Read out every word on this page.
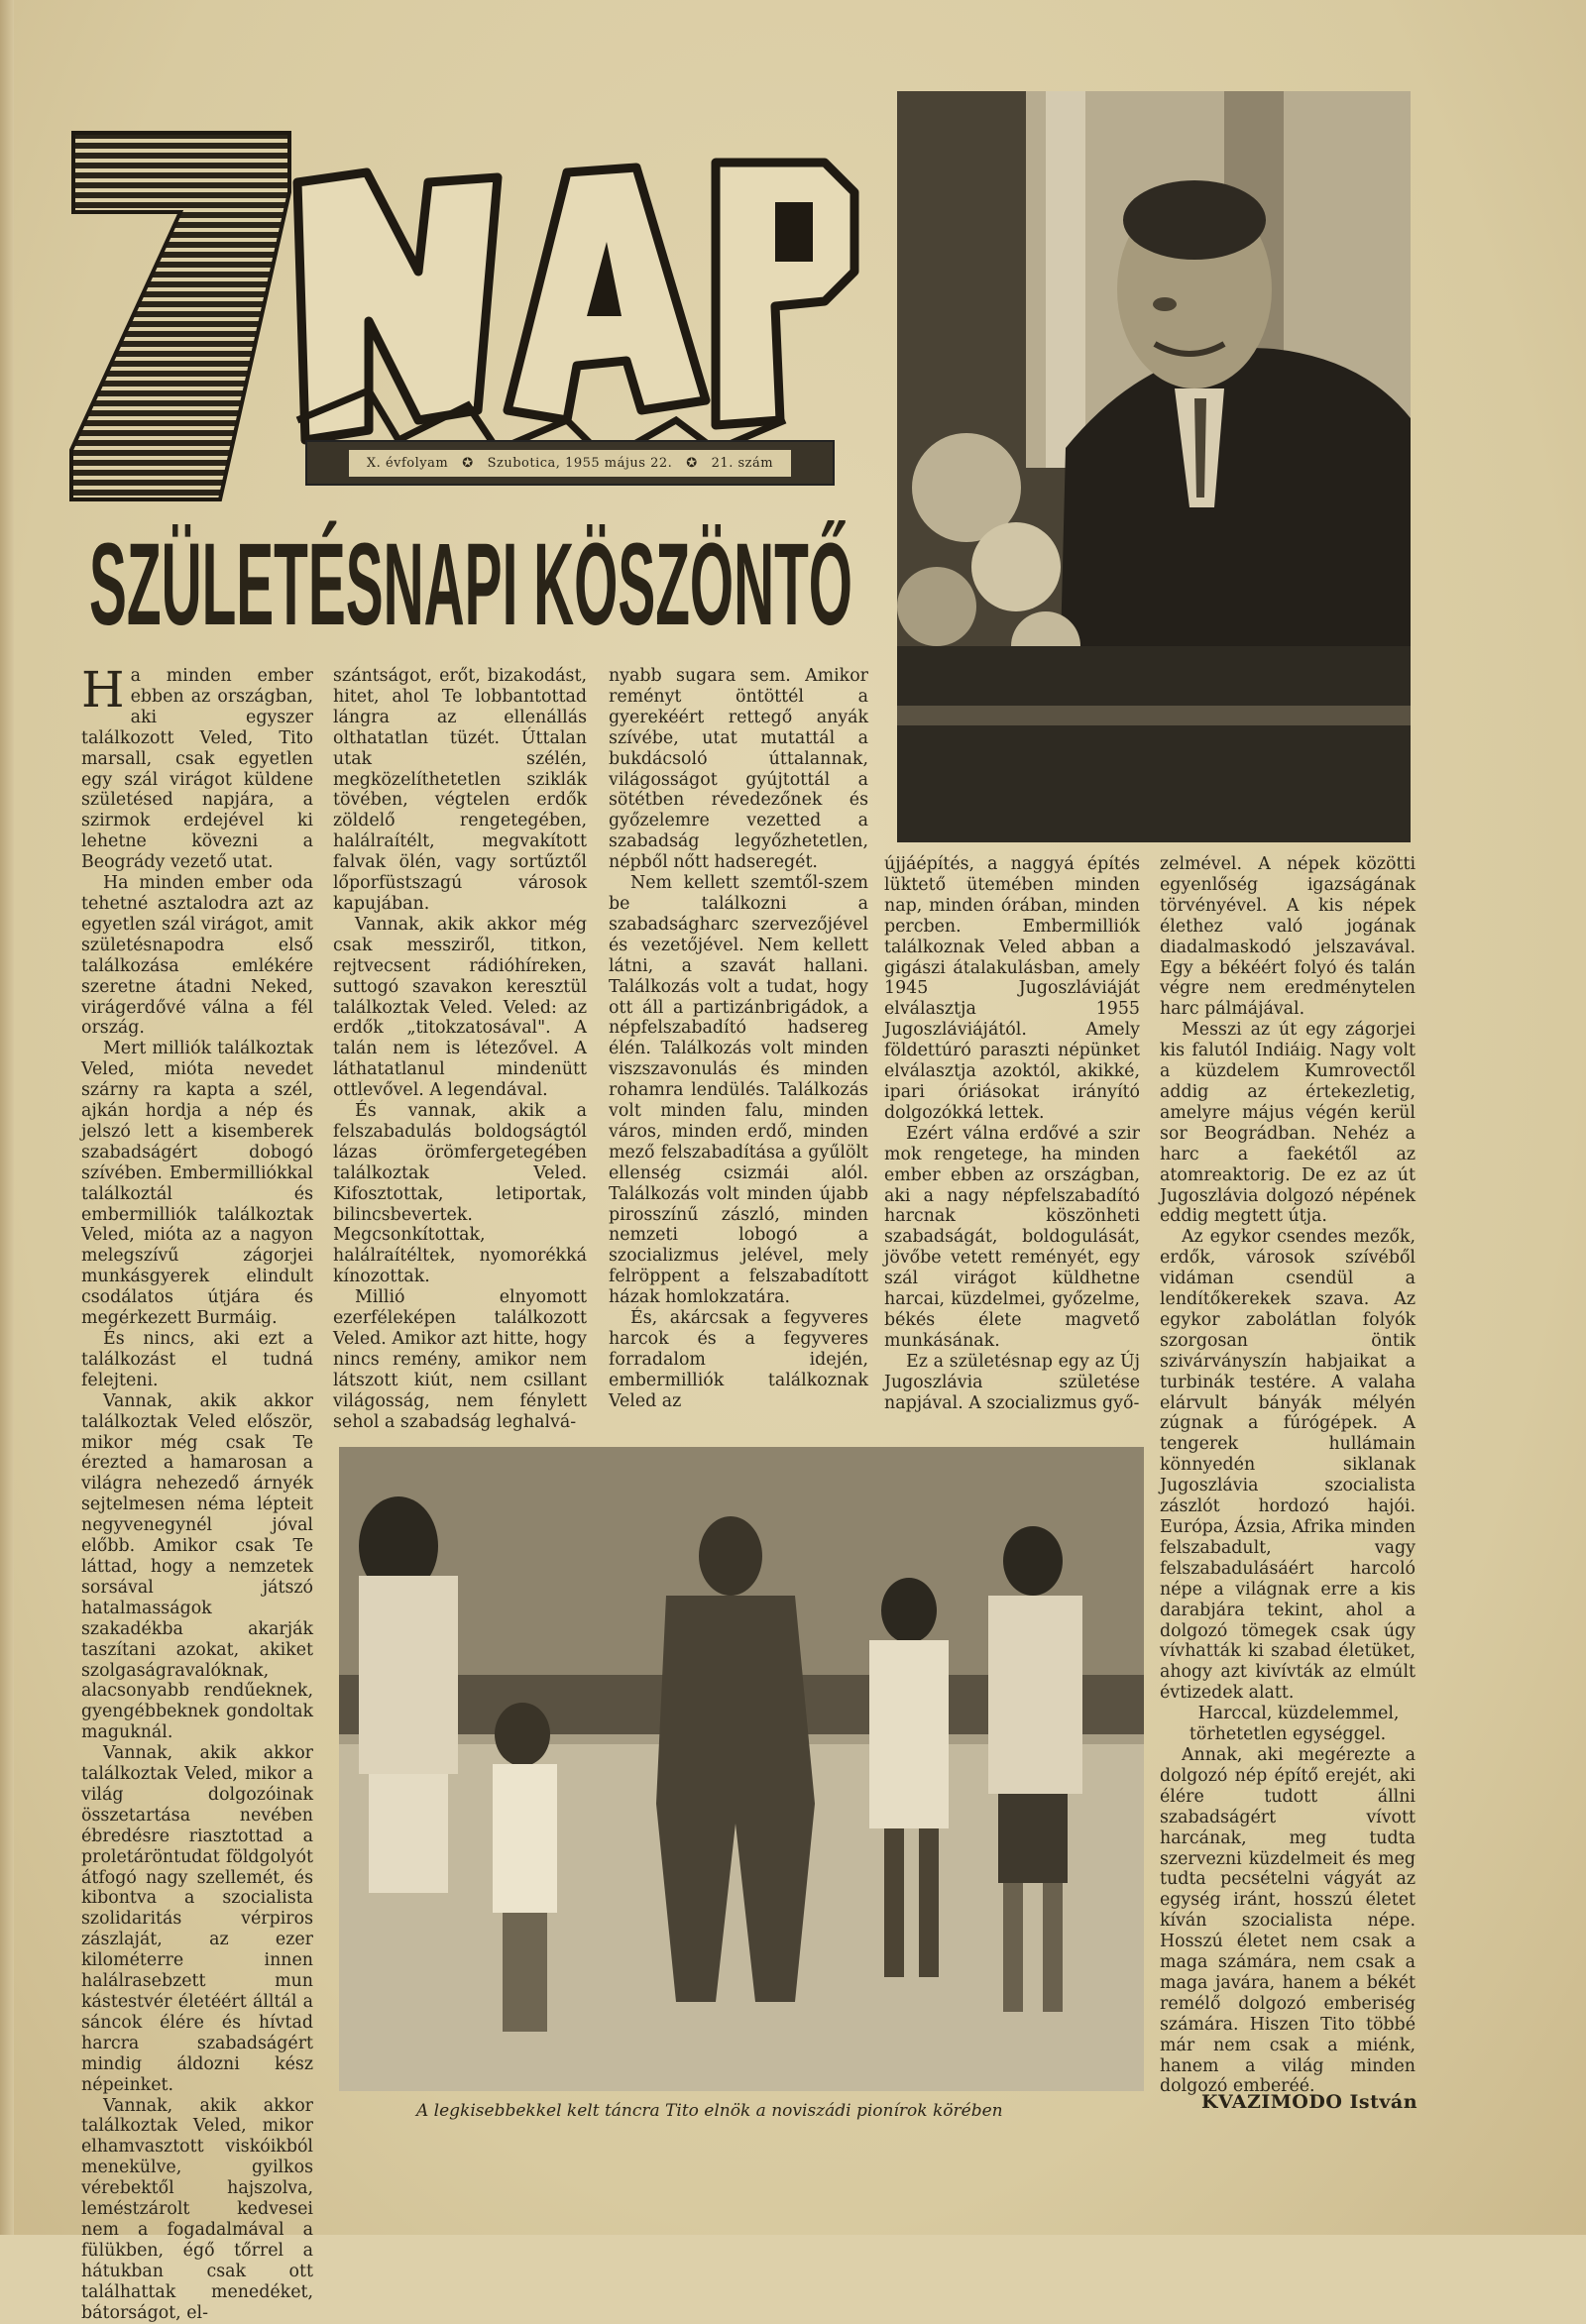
X. évfolyam ✪ Szubotica, 1955 május 22. ✪ 21. szám
SZÜLETÉSNAPI KÖSZÖNTŐ
A legkisebbekkel kelt táncra Tito elnök a noviszádi pionírok körében

Ha minden ember ebben az országban, aki egyszer találkozott Veled, Tito marsall, csak egyetlen egy szál virágot küldene születésed napjára, a szirmok erdejével ki lehetne kövezni a Beogrády vezető utat.

Ha minden ember oda tehetné asztalodra azt az egyetlen szál virágot, amit születésnapodra első találkozása emlékére szeretne átadni Neked, virágerdővé válna a fél ország.

Mert milliók találkoztak Veled, mióta nevedet szárny ra kapta a szél, ajkán hordja a nép és jelszó lett a kisemberek szabadságért dobogó szívében. Embermilliókkal találkoztál és embermilliók találkoztak Veled, mióta az a nagyon melegszívű zágorjei munkásgyerek elindult csodálatos útjára és megérkezett Burmáig.

És nincs, aki ezt a találkozást el tudná felejteni.

Vannak, akik akkor találkoztak Veled először, mikor még csak Te érezted a hamarosan a világra nehezedő árnyék sejtelmesen néma lépteit negyvenegynél jóval előbb. Amikor csak Te láttad, hogy a nemzetek sorsával játszó hatalmasságok szakadékba akarják taszítani azokat, akiket szolgaságravalóknak, alacsonyabb rendűeknek, gyengébbeknek gondoltak maguknál.

Vannak, akik akkor találkoztak Veled, mikor a világ dolgozóinak összetartása nevében ébredésre riasztottad a proletáröntudat földgolyót átfogó nagy szellemét, és kibontva a szocialista szolidaritás vérpiros zászlaját, az ezer kilométerre innen halálrasebzett mun kástestvér életéért álltál a sáncok élére és hívtad harcra szabadságért mindig áldozni kész népeinket.

Vannak, akik akkor találkoztak Veled, mikor elhamvasztott viskóikból menekülve, gyilkos vérebektől hajszolva, leméstzárolt kedvesei nem a fogadalmával a fülükben, égő tőrrel a hátukban csak ott találhattak menedéket, bátorságot, el-

szántságot, erőt, bizakodást, hitet, ahol Te lobbantottad lángra az ellenállás olthatatlan tüzét. Úttalan utak szélén, megközelíthetetlen sziklák tövében, végtelen erdők zöldelő rengetegében, halálraítélt, megvakított falvak ölén, vagy sortűztől lőporfüstszagú városok kapujában.

Vannak, akik akkor még csak messziről, titkon, rejtvecsent rádióhíreken, suttogó szavakon keresztül találkoztak Veled. Veled: az erdők „titokzatosával". A talán nem is létezővel. A láthatatlanul mindenütt ottlevővel. A legendával.

És vannak, akik a felszabadulás boldogságtól lázas örömfergetegében találkoztak Veled. Kifosztottak, letiportak, bilincsbevertek. Megcsonkítottak, halálraítéltek, nyomorékká kínozottak.

Millió elnyomott ezerféleképen találkozott Veled. Amikor azt hitte, hogy nincs remény, amikor nem látszott kiút, nem csillant világosság, nem fénylett sehol a szabadság leghalvá-

nyabb sugara sem. Amikor reményt öntöttél a gyerekéért rettegő anyák szívébe, utat mutattál a bukdácsoló úttalannak, világosságot gyújtottál a sötétben révedezőnek és győzelemre vezetted a szabadság legyőzhetetlen, népből nőtt hadseregét.

Nem kellett szemtől-szem be találkozni a szabadságharc szervezőjével és vezetőjével. Nem kellett látni, a szavát hallani. Találkozás volt a tudat, hogy ott áll a partizánbrigádok, a népfelszabadító hadsereg élén. Találkozás volt minden viszszavonulás és minden rohamra lendülés. Találkozás volt minden falu, minden város, minden erdő, minden mező felszabadítása a gyűlölt ellenség csizmái alól. Találkozás volt minden újabb pirosszínű zászló, minden nemzeti lobogó a szocializmus jelével, mely felröppent a felszabadított házak homlokzatára.

És, akárcsak a fegyveres harcok és a fegyveres forradalom idején, embermilliók találkoznak Veled az

újjáépítés, a naggyá építés lüktető ütemében minden nap, minden órában, minden percben. Embermilliók találkoznak Veled abban a gigászi átalakulásban, amely 1945 Jugoszláviáját elválasztja 1955 Jugoszláviájától. Amely földettúró paraszti népünket elválasztja azoktól, akikké, ipari óriásokat irányító dolgozókká lettek.

Ezért válna erdővé a szir mok rengetege, ha minden ember ebben az országban, aki a nagy népfelszabadító harcnak köszönheti szabadságát, boldogulását, jövőbe vetett reményét, egy szál virágot küldhetne harcai, küzdelmei, győzelme, békés élete magvető munkásának.

Ez a születésnap egy az Új Jugoszlávia születése napjával. A szocializmus győ-

zelmével. A népek közötti egyenlőség igazságának törvényével. A kis népek élethez való jogának diadalmaskodó jelszavával. Egy a békéért folyó és talán végre nem eredménytelen harc pálmájával.

Messzi az út egy zágorjei kis falutól Indiáig. Nagy volt a küzdelem Kumrovectől addig az értekezletig, amelyre május végén kerül sor Beográdban. Nehéz a harc a faekétől az atomreaktorig. De ez az út Jugoszlávia dolgozó népének eddig megtett útja.

Az egykor csendes mezők, erdők, városok szívéből vidáman csendül a lendítőkerekek szava. Az egykor zabolátlan folyók szorgosan öntik szivárványszín habjaikat a turbinák testére. A valaha elárvult bányák mélyén zúgnak a fúrógépek. A tengerek hullámain könnyedén siklanak Jugoszlávia szocialista zászlót hordozó hajói. Európa, Ázsia, Afrika minden felszabadult, vagy felszabadulásáért harcoló népe a világnak erre a kis darabjára tekint, ahol a dolgozó tömegek csak úgy vívhatták ki szabad életüket, ahogy azt kivívták az elmúlt évtizedek alatt.

Harccal, küzdelemmel, törhetetlen egységgel.

Annak, aki megérezte a dolgozó nép építő erejét, aki élére tudott állni szabadságért vívott harcának, meg tudta szervezni küzdelmeit és meg tudta pecsételni vágyát az egység iránt, hosszú életet kíván szocialista népe. Hosszú életet nem csak a maga számára, nem csak a maga javára, hanem a békét remélő dolgozó emberiség számára. Hiszen Tito többé már nem csak a miénk, hanem a világ minden dolgozó emberéé.

KVAZIMODO István
